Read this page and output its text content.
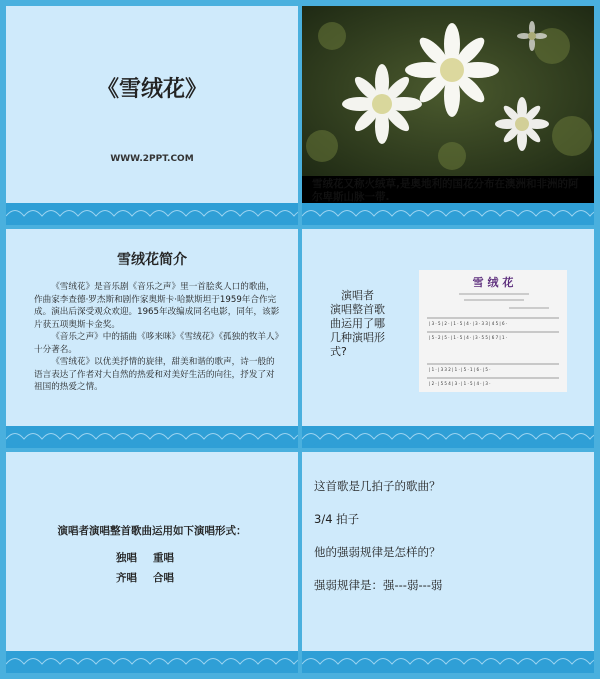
《雪绒花》
WWW.2PPT.COM
雪绒花又称火绒草,是奥地利的国花分布在澳洲和非洲的阿尔卑斯山脉一带.
雪绒花简介

《雪绒花》是音乐剧《音乐之声》里一首脍炙人口的歌曲，作曲家李查德·罗杰斯和剧作家奥斯卡·哈默斯坦于1959年合作完成。演出后深受观众欢迎。1965年改编成同名电影，同年，该影片获五项奥斯卡金奖。

《音乐之声》中的插曲《哆来咪》《雪绒花》《孤独的牧羊人》十分著名。

《雪绒花》以优美抒情的旋律，甜美和谐的歌声，诗一般的语言表达了作者对大自然的热爱和对美好生活的向往，抒发了对祖国的热爱之情。

演唱者
演唱整首歌
曲运用了哪
几种演唱形
式?
雪 绒 花
| 3 · 5 | 2 · | 1 · 5 | 4 · | 3 · 3 3 | 4 5 | 6 ·
| 5 · 2 | 5 · | 1 · 5 | 4 · | 3 · 5 5 | 6 7 | 1 ·
| 1 · | 3 3 2 | 1 · | 5 · 1 | 6 · | 5 ·
| 2 · | 5 5 4 | 3 · | 1 · 5 | 4 · | 3 ·
演唱者演唱整首歌曲运用如下演唱形式：
独唱 重唱
齐唱 合唱
这首歌是几拍子的歌曲？
3/4 拍子
他的强弱规律是怎样的？
强弱规律是：强---弱---弱
